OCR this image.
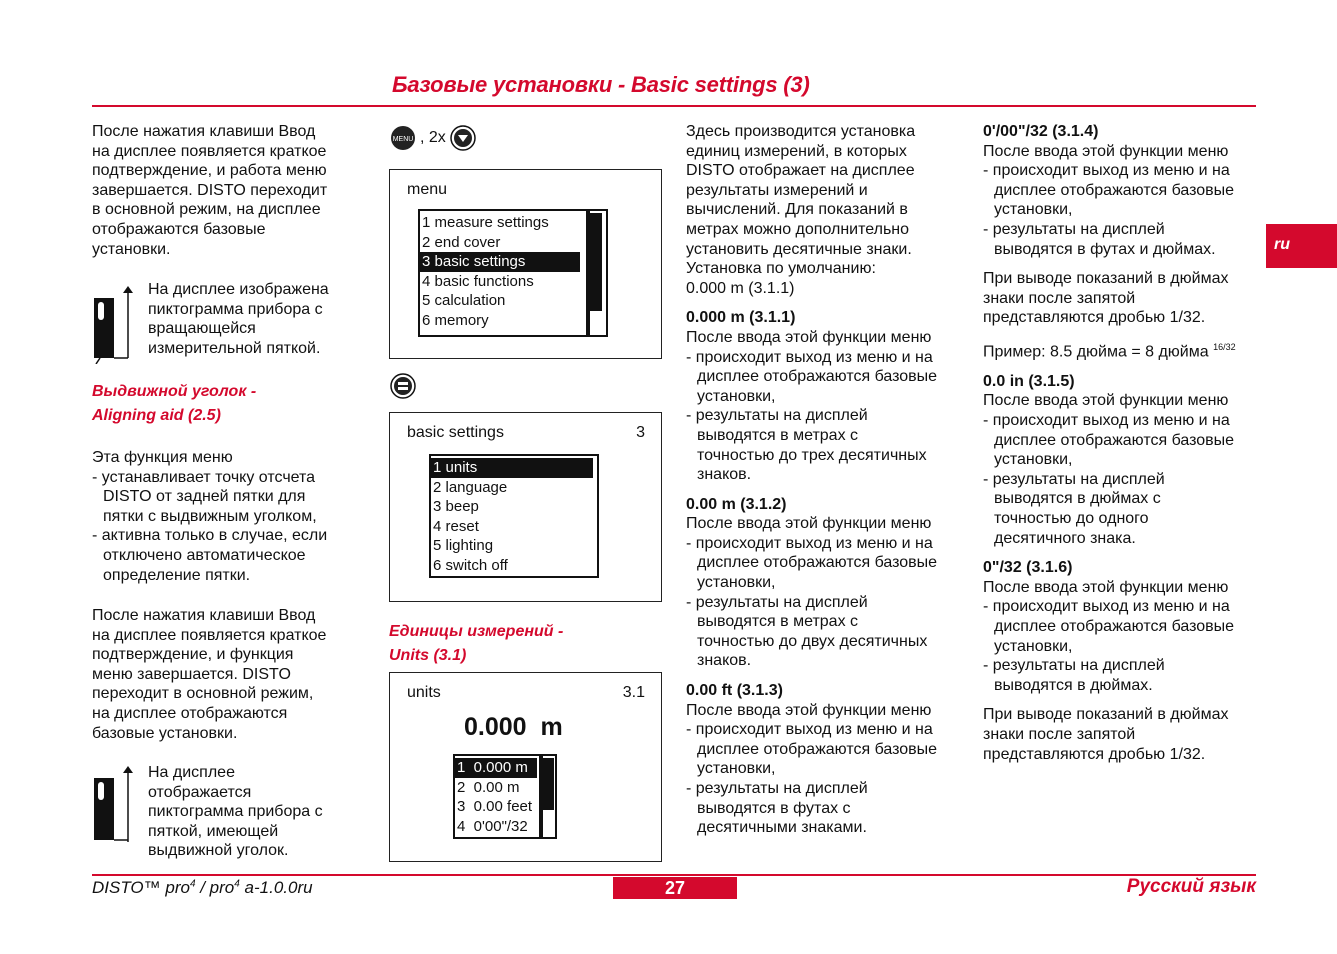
Базовые установки - Basic settings (3)
ru
После нажатия клавиши Ввод
на дисплее появляется краткое
подтверждение, и работа меню
завершается. DISTO переходит
в основной режим, на дисплее
отображаются базовые
установки.
На дисплее изображена
пиктограмма прибора с
вращающейся
измерительной пяткой.
Выдвижной уголок -
Aligning aid (2.5)
Эта функция меню
- устанавливает точку отсчета
DISTO от задней пятки для
пятки с выдвижным уголком,
- активна только в случае, если
отключено автоматическое
определение пятки.
После нажатия клавиши Ввод
на дисплее появляется краткое
подтверждение, и функция
меню завершается. DISTO
переходит в основной режим,
на дисплее отображаются
базовые установки.
На дисплее
отображается
пиктограмма прибора с
пяткой, имеющей
выдвижной уголок.
MENU , 2x
menu
1 measure settings
2 end cover
3 basic settings
4 basic functions
5 calculation
6 memory
basic settings	3
1 units
2 language
3 beep
4 reset
5 lighting
6 switch off
Единицы измерений -
Units (3.1)
units	3.1
0.000  m
1  0.000 m
2  0.00 m
3  0.00 feet
4  0'00"/32
Здесь производится установка
единиц измерений, в которых
DISTO отображает на дисплее
результаты измерений и
вычислений. Для показаний в
метрах можно дополнительно
установить десятичные знаки.
Установка по умолчанию:
0.000 m (3.1.1)
0.000 m (3.1.1)
После ввода этой функции меню
- происходит выход из меню и на
дисплее отображаются базовые
установки,
- результаты на дисплей
выводятся в метрах с
точностью до трех десятичных
знаков.
0.00 m (3.1.2)
После ввода этой функции меню
- происходит выход из меню и на
дисплее отображаются базовые
установки,
- результаты на дисплей
выводятся в метрах с
точностью до двух десятичных
знаков.
0.00 ft (3.1.3)
После ввода этой функции меню
- происходит выход из меню и на
дисплее отображаются базовые
установки,
- результаты на дисплей
выводятся в футах с
десятичными знаками.
0'/00"/32 (3.1.4)
После ввода этой функции меню
- происходит выход из меню и на
дисплее отображаются базовые
установки,
- результаты на дисплей
выводятся в футах и дюймах.
При выводе показаний в дюймах
знаки после запятой
представляются дробью 1/32.
Пример: 8.5 дюйма = 8 дюйма $^{16/32}$
0.0 in (3.1.5)
После ввода этой функции меню
- происходит выход из меню и на
дисплее отображаются базовые
установки,
- результаты на дисплей
выводятся в дюймах с
точностью до одного
десятичного знака.
0"/32 (3.1.6)
После ввода этой функции меню
- происходит выход из меню и на
дисплее отображаются базовые
установки,
- результаты на дисплей
выводятся в дюймах.
При выводе показаний в дюймах
знаки после запятой
представляются дробью 1/32.
DISTO™ pro$^4$ / pro$^4$ a-1.0.0ru	27	Русский язык
